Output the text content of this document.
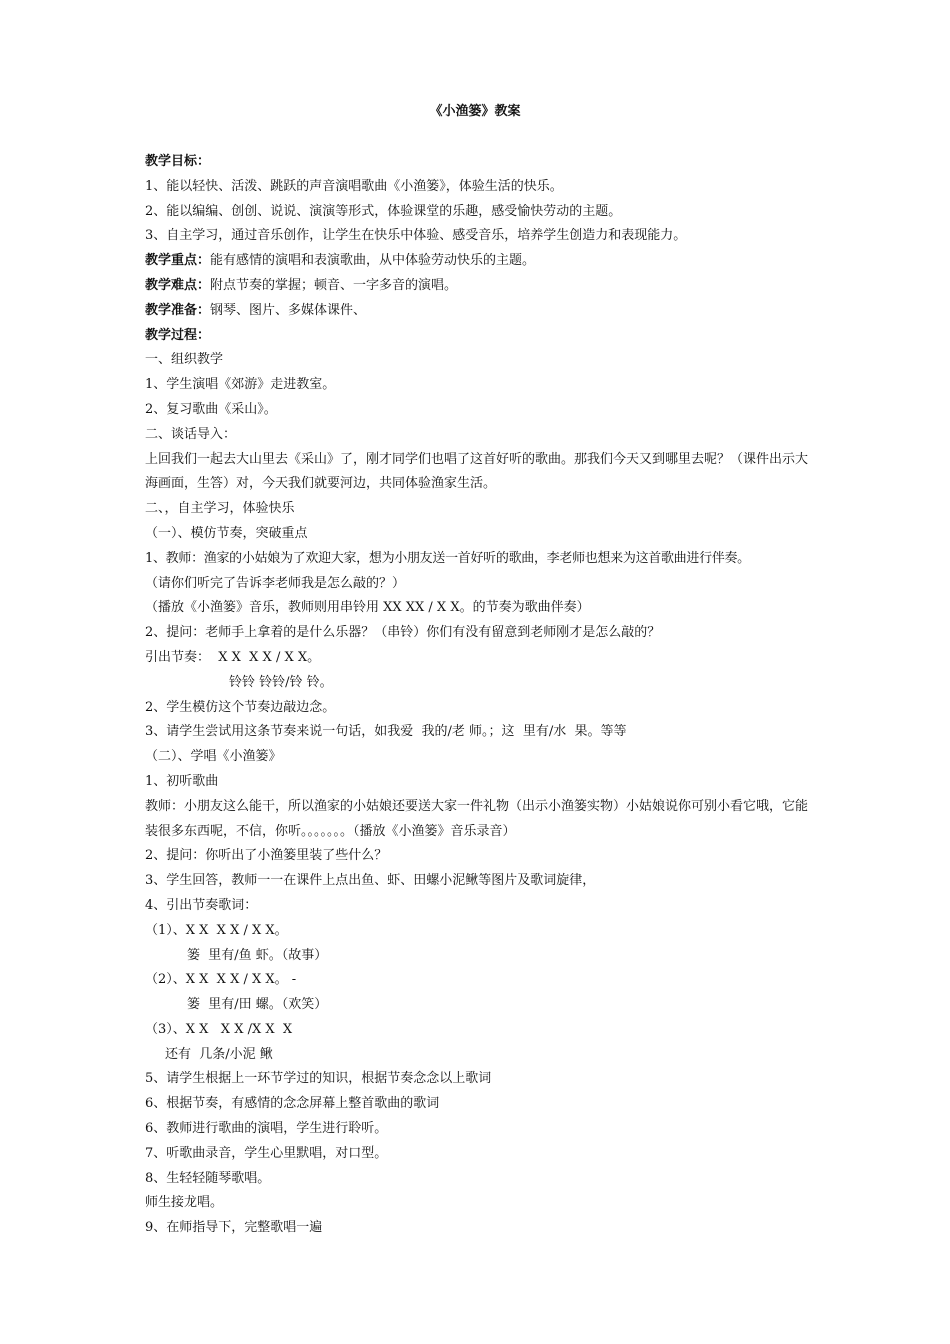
《小渔篓》教案
教学目标：
1、能以轻快、活泼、跳跃的声音演唱歌曲《小渔篓》，体验生活的快乐。
2、能以编编、创创、说说、演演等形式，体验课堂的乐趣，感受愉快劳动的主题。
3、自主学习，通过音乐创作，让学生在快乐中体验、感受音乐，培养学生创造力和表现能力。
教学重点：能有感情的演唱和表演歌曲，从中体验劳动快乐的主题。
教学难点：附点节奏的掌握；顿音、一字多音的演唱。
教学准备：钢琴、图片、多媒体课件、
教学过程：
一、组织教学
1、学生演唱《郊游》走进教室。
2、复习歌曲《采山》。
二、谈话导入：
上回我们一起去大山里去《采山》了，刚才同学们也唱了这首好听的歌曲。那我们今天又到哪里去呢？（课件出示大海画面，生答）对，今天我们就要河边，共同体验渔家生活。
二、，自主学习，体验快乐
（一）、模仿节奏，突破重点
1、教师：渔家的小姑娘为了欢迎大家，想为小朋友送一首好听的歌曲，李老师也想来为这首歌曲进行伴奏。
（请你们听完了告诉李老师我是怎么敲的？）
（播放《小渔篓》音乐，教师则用串铃用 XX XX / X X。的节奏为歌曲伴奏）
2、提问：老师手上拿着的是什么乐器？（串铃）你们有没有留意到老师刚才是怎么敲的？
引出节奏：  X X  X X / X X。
铃铃 铃铃/铃 铃。
2、学生模仿这个节奏边敲边念。
3、请学生尝试用这条节奏来说一句话，如我爱  我的/老 师。；这  里有/水  果。等等
（二）、学唱《小渔篓》
1、初听歌曲
教师：小朋友这么能干，所以渔家的小姑娘还要送大家一件礼物（出示小渔篓实物）小姑娘说你可别小看它哦，它能装很多东西呢，不信，你听。。。。。。。（播放《小渔篓》音乐录音）
2、提问：你听出了小渔篓里装了些什么？
3、学生回答，教师一一在课件上点出鱼、虾、田螺小泥鳅等图片及歌词旋律，
4、引出节奏歌词：
（1）、X X  X X / X X。
篓  里有/鱼 虾。（故事）
（2）、X X  X X / X X。 -
篓  里有/田 螺。（欢笑）
（3）、X X   X X /X X  X
还有  几条/小泥 鳅
5、请学生根据上一环节学过的知识，根据节奏念念以上歌词
6、根据节奏，有感情的念念屏幕上整首歌曲的歌词
6、教师进行歌曲的演唱，学生进行聆听。
7、听歌曲录音，学生心里默唱，对口型。
8、生轻轻随琴歌唱。
师生接龙唱。
9、在师指导下，完整歌唱一遍
